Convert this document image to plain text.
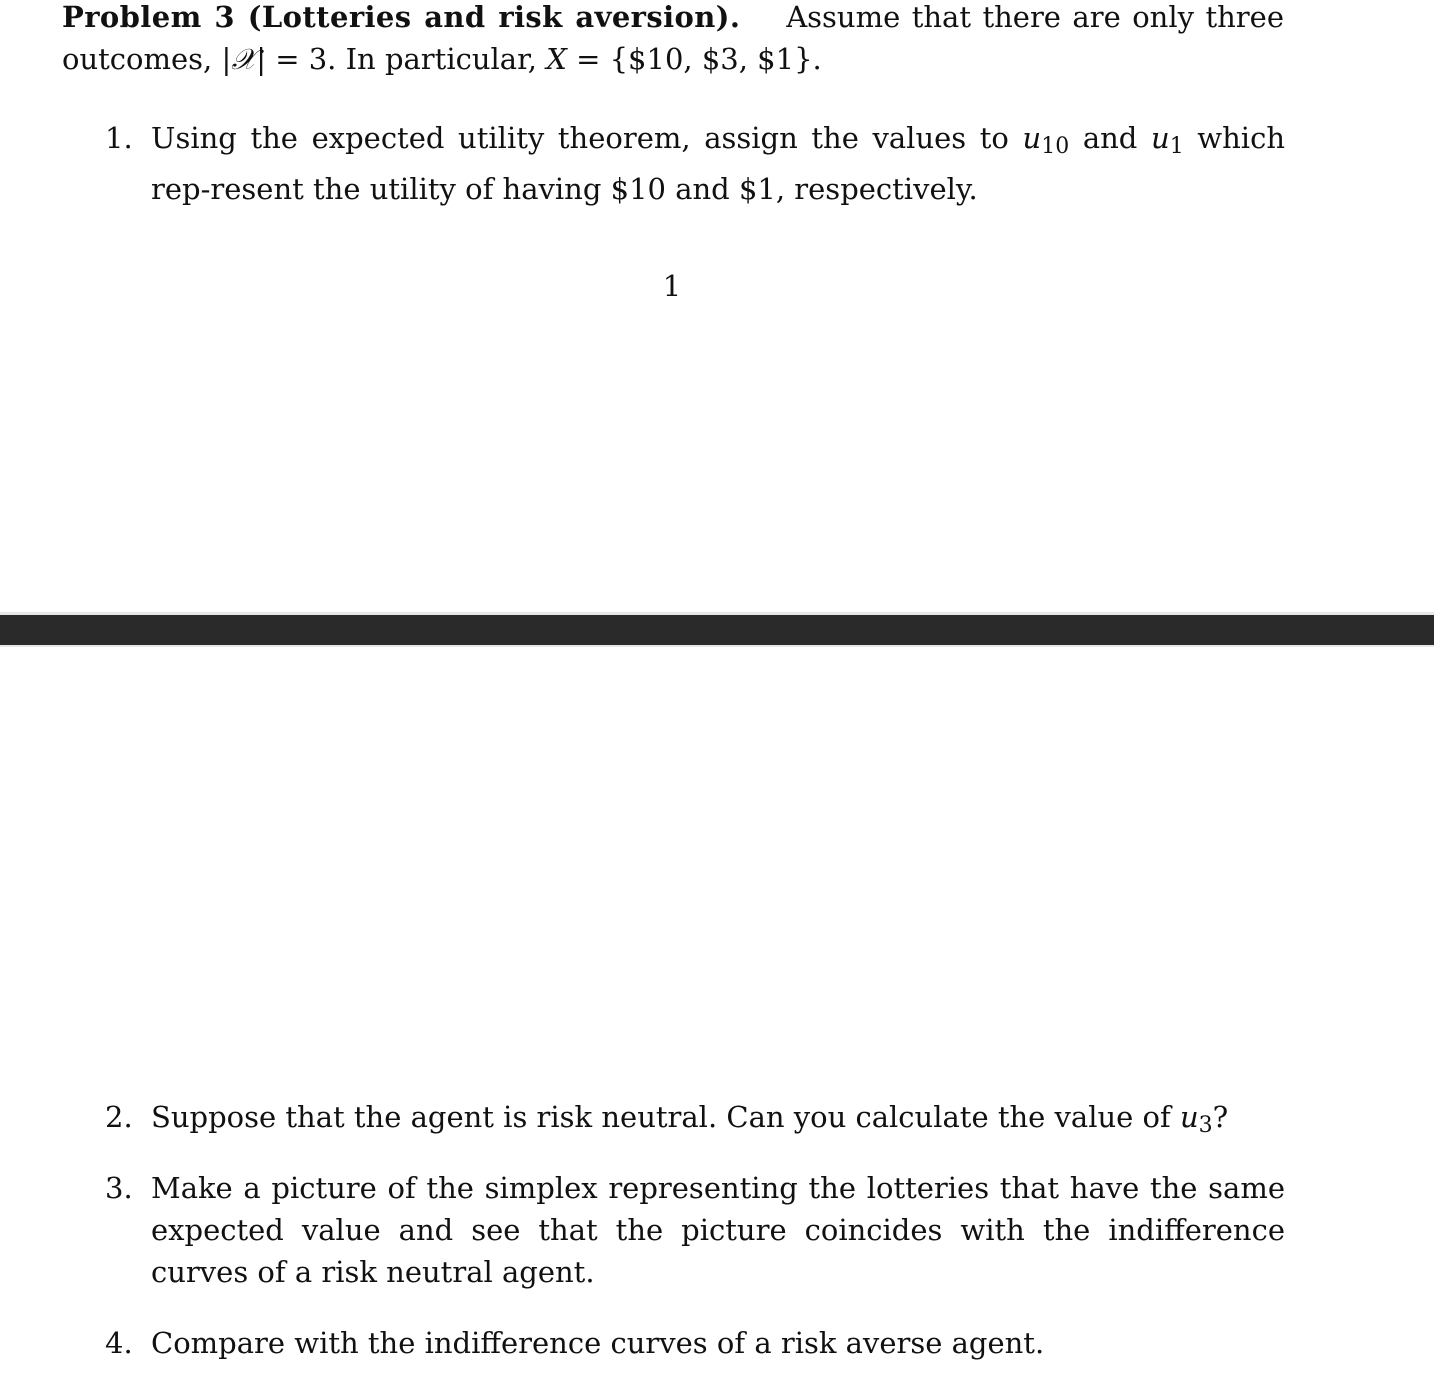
Problem 3 (Lotteries and risk aversion). Assume that there are only three
outcomes, |𝒳| = 3. In particular, X = {$10, $3, $1}.
1. Using the expected utility theorem, assign the values to $u_{10}$ and $u_1$ which rep-resent the utility of having $10 and $1, respectively.
1
2. Suppose that the agent is risk neutral. Can you calculate the value of $u_3$?
3. Make a picture of the simplex representing the lotteries that have the same expected value and see that the picture coincides with the indifference curves of a risk neutral agent.
4. Compare with the indifference curves of a risk averse agent.
